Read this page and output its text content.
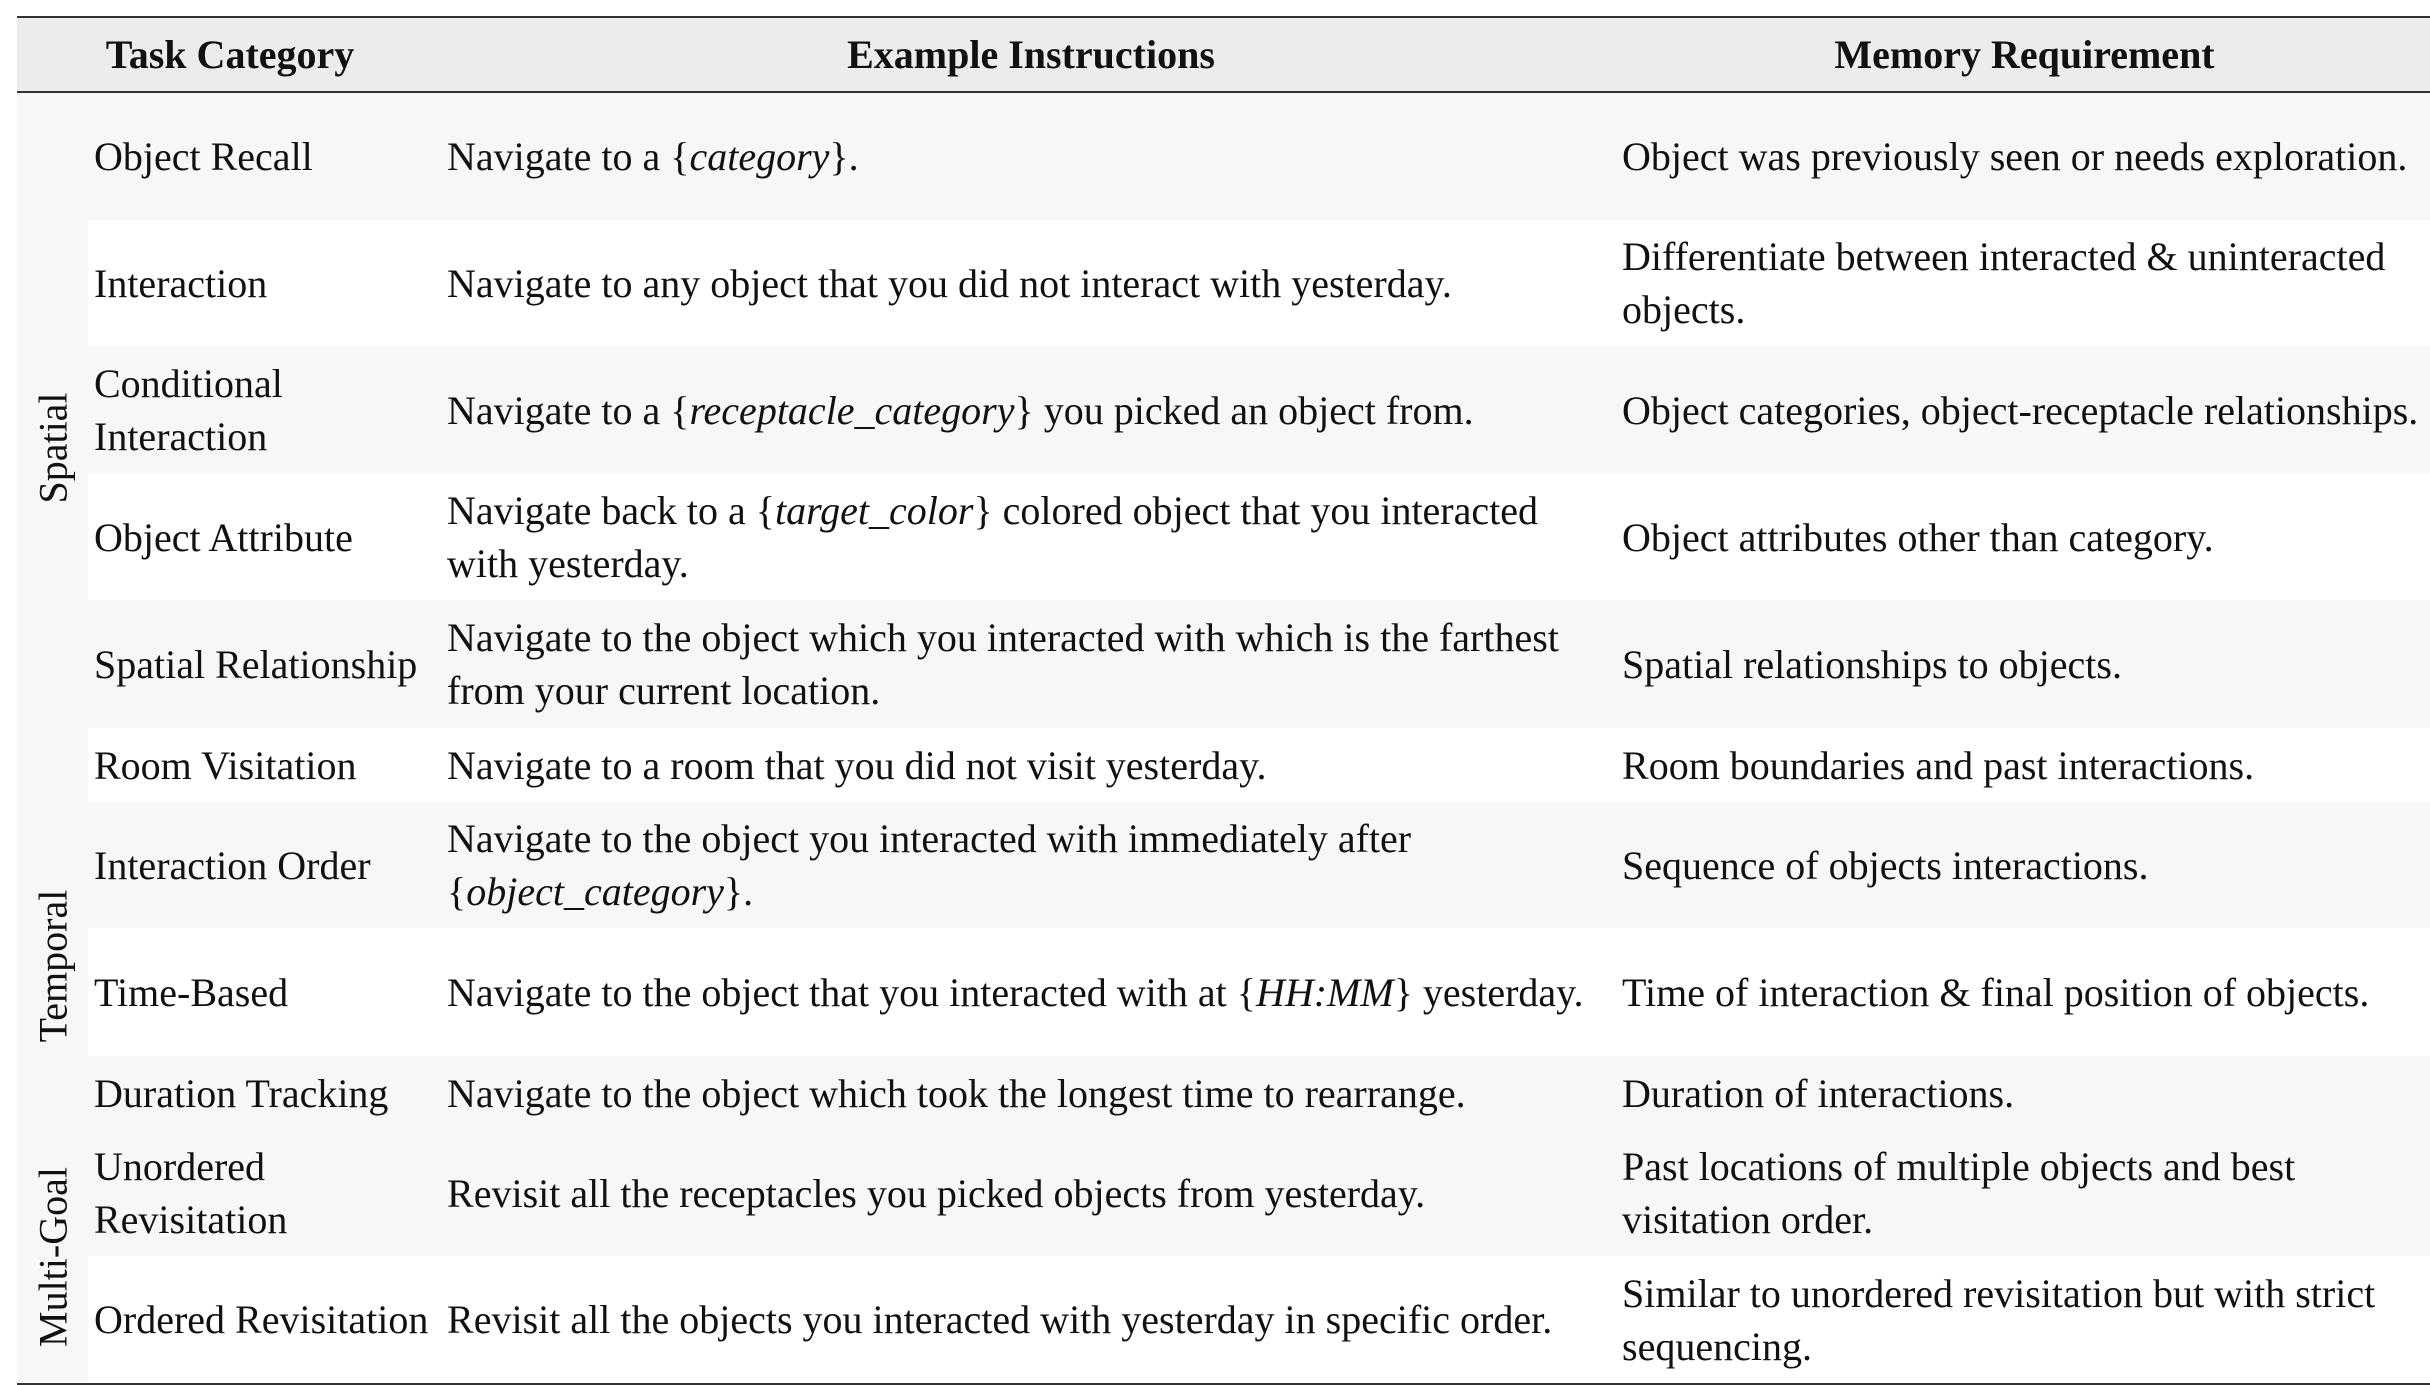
Task Category		Example Instructions	Memory Requirement

Spatial	Object Recall	Navigate to a {category}.	Object was previously seen or needs exploration.
	Interaction	Navigate to any object that you did not interact with yesterday.	Differentiate between interacted & uninteracted objects.
	Conditional Interaction	Navigate to a {receptacle_category} you picked an object from.	Object categories, object-receptacle relationships.
	Object Attribute	Navigate back to a {target_color} colored object that you interacted with yesterday.	Object attributes other than category.
	Spatial Relationship	Navigate to the object which you interacted with which is the farthest from your current location.	Spatial relationships to objects.
	Room Visitation	Navigate to a room that you did not visit yesterday.	Room boundaries and past interactions.

Temporal	Interaction Order	Navigate to the object you interacted with immediately after {object_category}.	Sequence of objects interactions.
	Time-Based	Navigate to the object that you interacted with at {HH:MM} yesterday.	Time of interaction & final position of objects.
	Duration Tracking	Navigate to the object which took the longest time to rearrange.	Duration of interactions.

Multi-Goal	Unordered Revisitation	Revisit all the receptacles you picked objects from yesterday.	Past locations of multiple objects and best visitation order.
	Ordered Revisitation	Revisit all the objects you interacted with yesterday in specific order.	Similar to unordered revisitation but with strict sequencing.
